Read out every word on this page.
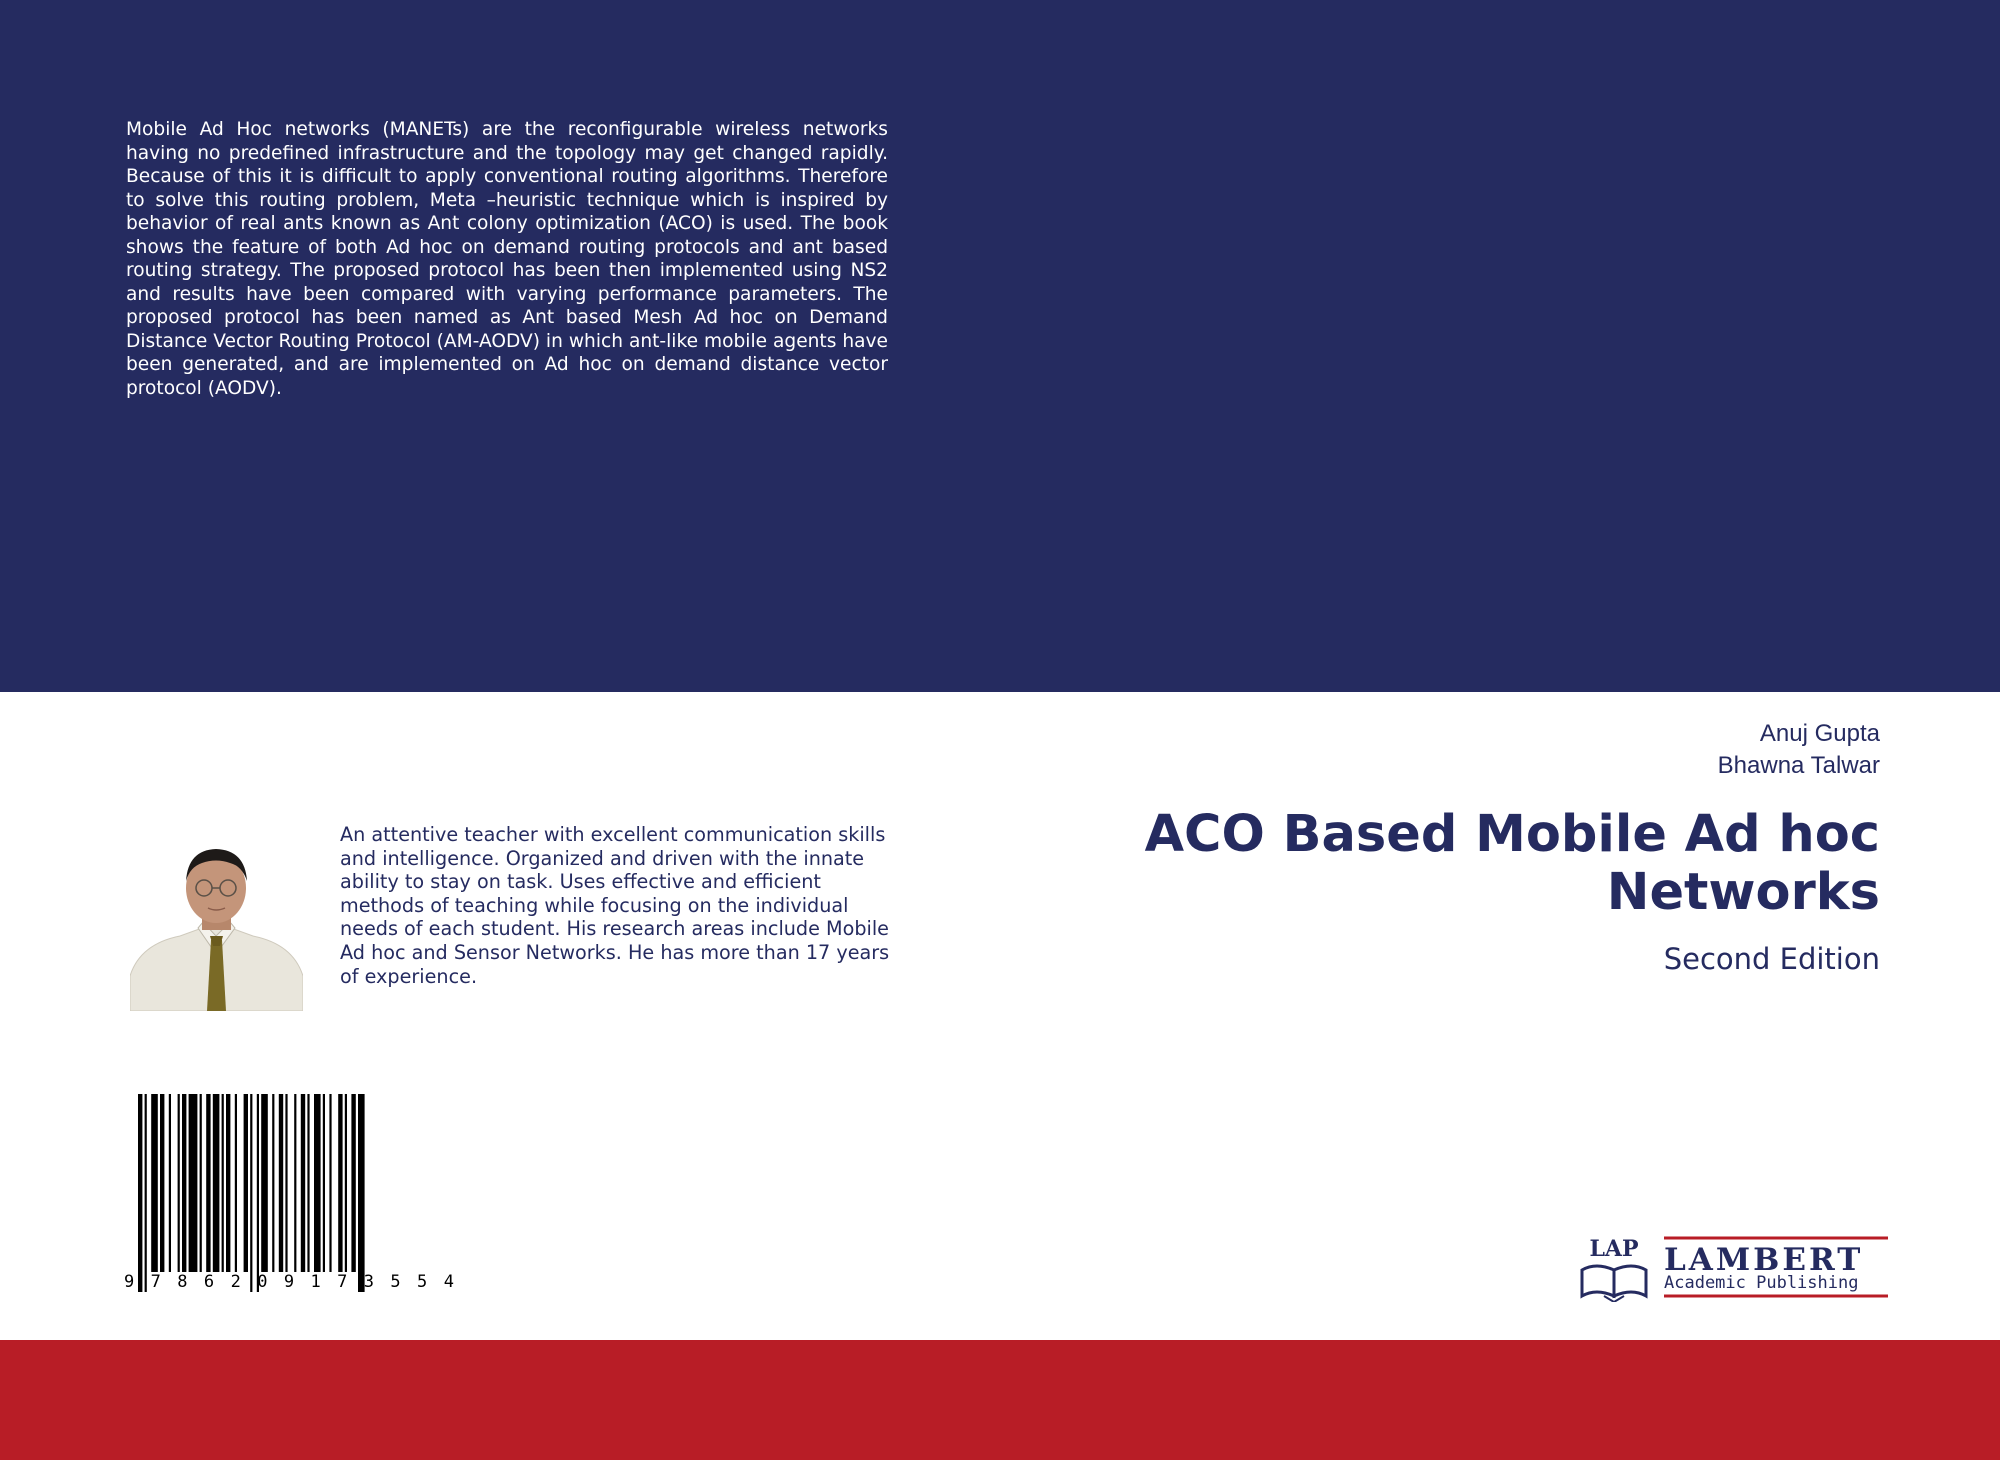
Mobile Ad Hoc networks (MANETs) are the reconfigurable wireless networks having no predefined infrastructure and the topology may get changed rapidly. Because of this it is difficult to apply conventional routing algorithms. Therefore to solve this routing problem, Meta –heuristic technique which is inspired by behavior of real ants known as Ant colony optimization (ACO) is used. The book shows the feature of both Ad hoc on demand routing protocols and ant based routing strategy. The proposed protocol has been then implemented using NS2 and results have been compared with varying performance parameters. The proposed protocol has been named as Ant based Mesh Ad hoc on Demand Distance Vector Routing Protocol (AM-AODV) in which ant-like mobile agents have been generated, and are implemented on Ad hoc on demand distance vector protocol (AODV).

Anuj Gupta
Bhawna Talwar
ACO Based Mobile Ad hoc Networks
Second Edition

An attentive teacher with excellent communication skills and intelligence. Organized and driven with the innate ability to stay on task. Uses effective and efficient methods of teaching while focusing on the individual needs of each student. His research areas include Mobile Ad hoc and Sensor Networks. He has more than 17 years of experience.

9 7 8 6 2 0 9 1 7 3 5 5 4
LAP LAMBERT
Academic Publishing
